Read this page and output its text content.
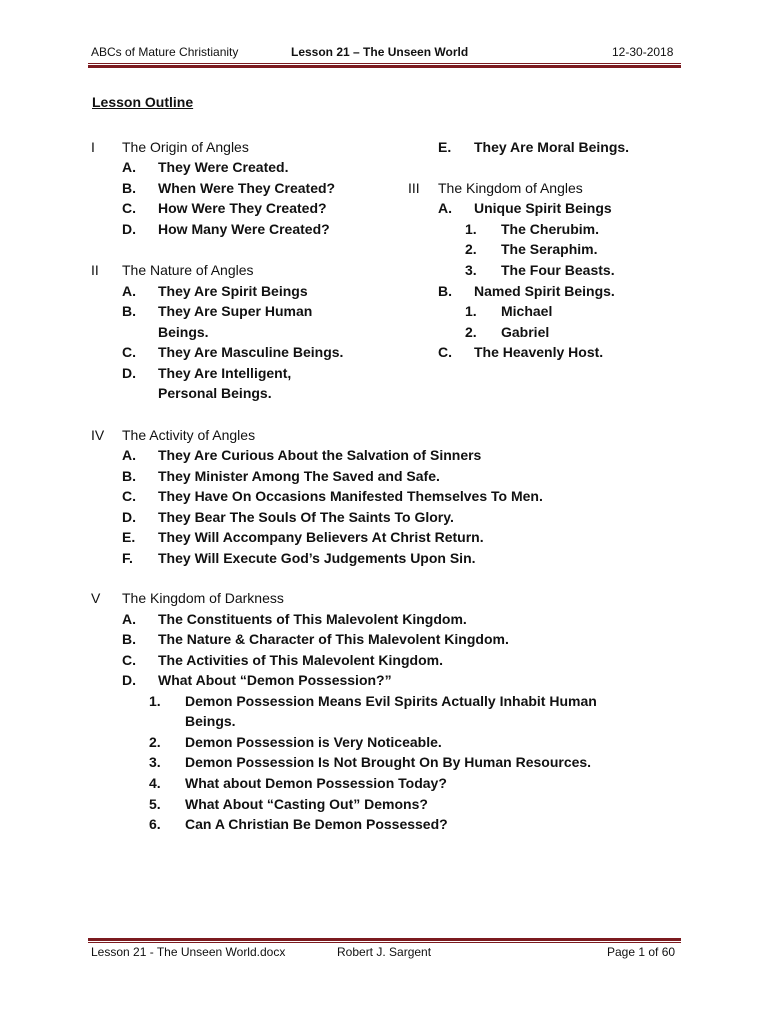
ABCs of Mature Christianity	Lesson 21 – The Unseen World	12-30-2018
Lesson Outline
I The Origin of Angles
A. They Were Created.
B. When Were They Created?
C. How Were They Created?
D. How Many Were Created?
II The Nature of Angles
A. They Are Spirit Beings
B. They Are Super Human
Beings.
C. They Are Masculine Beings.
D. They Are Intelligent,
Personal Beings.
E. They Are Moral Beings.
III The Kingdom of Angles
A. Unique Spirit Beings
1. The Cherubim.
2. The Seraphim.
3. The Four Beasts.
B. Named Spirit Beings.
1. Michael
2. Gabriel
C. The Heavenly Host.
IV The Activity of Angles
A. They Are Curious About the Salvation of Sinners
B. They Minister Among The Saved and Safe.
C. They Have On Occasions Manifested Themselves To Men.
D. They Bear The Souls Of The Saints To Glory.
E. They Will Accompany Believers At Christ Return.
F. They Will Execute God’s Judgements Upon Sin.
V The Kingdom of Darkness
A. The Constituents of This Malevolent Kingdom.
B. The Nature & Character of This Malevolent Kingdom.
C. The Activities of This Malevolent Kingdom.
D. What About “Demon Possession?”
1. Demon Possession Means Evil Spirits Actually Inhabit Human
Beings.
2. Demon Possession is Very Noticeable.
3. Demon Possession Is Not Brought On By Human Resources.
4. What about Demon Possession Today?
5. What About “Casting Out” Demons?
6. Can A Christian Be Demon Possessed?
Lesson 21 - The Unseen World.docx	Robert J. Sargent	Page 1 of 60
